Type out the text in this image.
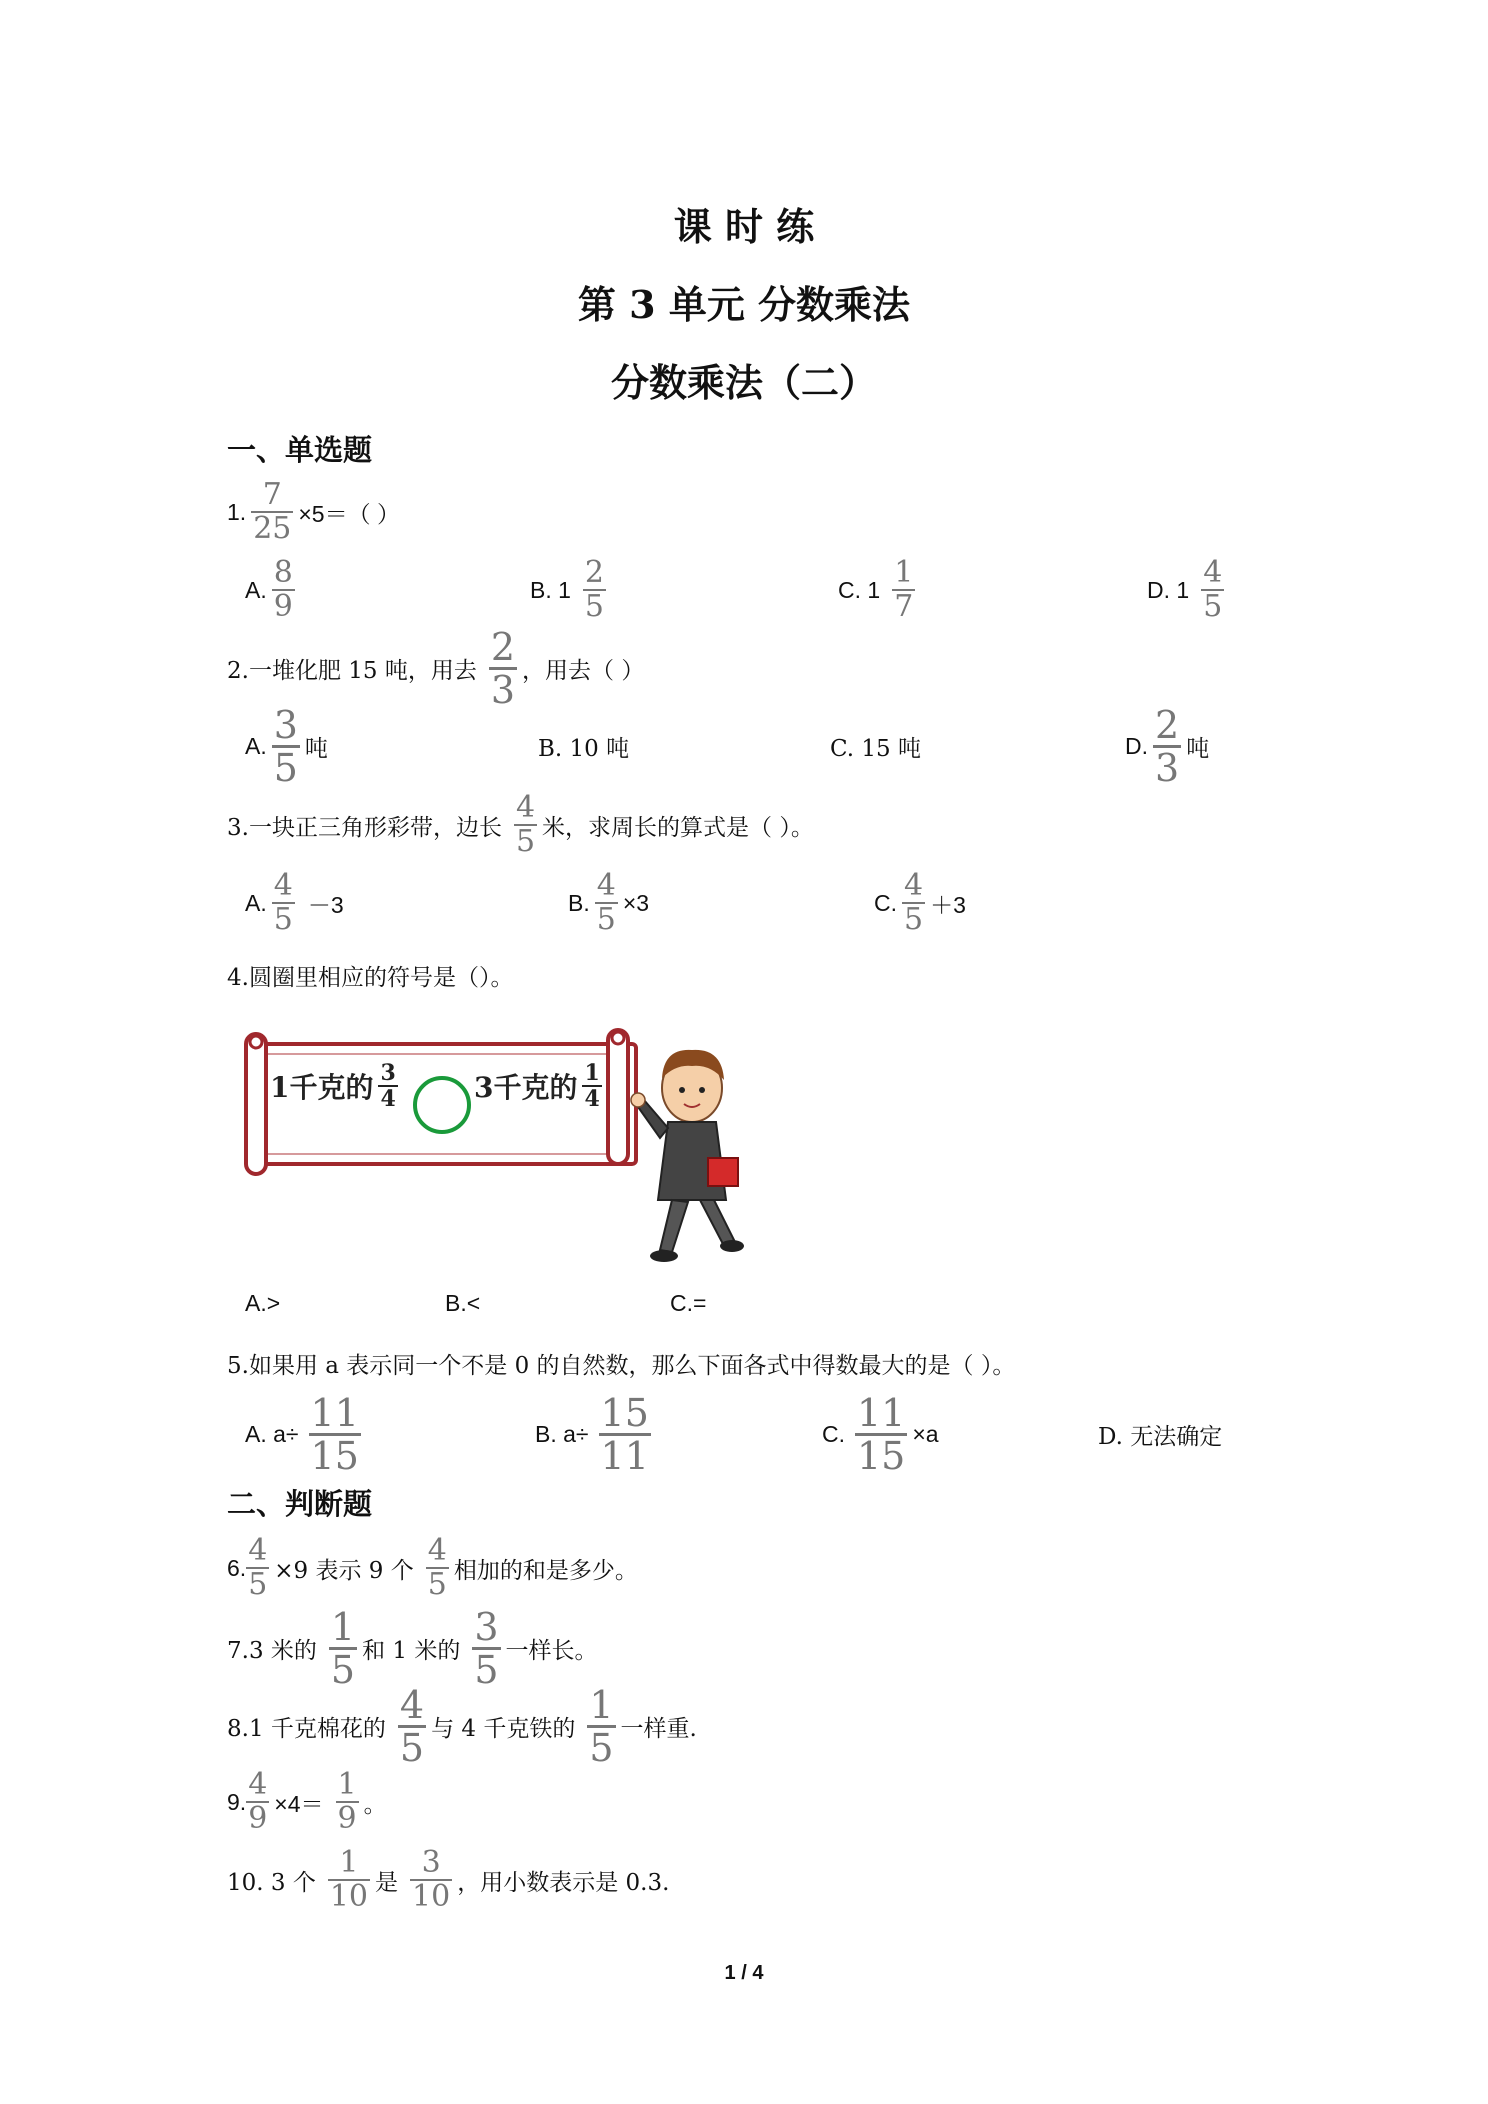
课 时 练
第 3 单元 分数乘法
分数乘法（二）
一、单选题
1. $\frac{7}{25} \times 5=$（ ）
A. $\frac{8}{9}$	B. $1 \frac{2}{5}$	C. $1 \frac{1}{7}$	D. $1 \frac{4}{5}$
2.一堆化肥 15 吨，用去 $\frac{2}{3}$ ，用去（ ）
A. $\frac{3}{5}$ 吨	B. 10 吨	C. 15 吨	D. $\frac{2}{3}$ 吨
3.一块正三角形彩带，边长 $\frac{4}{5}$ 米，求周长的算式是（ ）。
A. $\frac{4}{5} -3$	B. $\frac{4}{5} \times 3$	C. $\frac{4}{5} +3$
4.圆圈里相应的符号是（）。
1千克的 $\frac{3}{4}$	3千克的 $\frac{1}{4}$
A.>	B.<	C.=
5.如果用 a 表示同一个不是 0 的自然数，那么下面各式中得数最大的是（ ）。
A. $a\div \frac{11}{15}$	B. $a\div \frac{15}{11}$	C. $\frac{11}{15} \times a$	D. 无法确定
二、判断题
6. $\frac{4}{5} \times 9$ 表示 9 个 $\frac{4}{5}$ 相加的和是多少。
7.3 米的 $\frac{1}{5}$ 和 1 米的 $\frac{3}{5}$ 一样长。
8.1 千克棉花的 $\frac{4}{5}$ 与 4 千克铁的 $\frac{1}{5}$ 一样重.
9. $\frac{4}{9} \times 4= \frac{1}{9}$ 。
10. 3 个 $\frac{1}{10}$ 是 $\frac{3}{10}$ ，用小数表示是 0.3.
1 / 4
